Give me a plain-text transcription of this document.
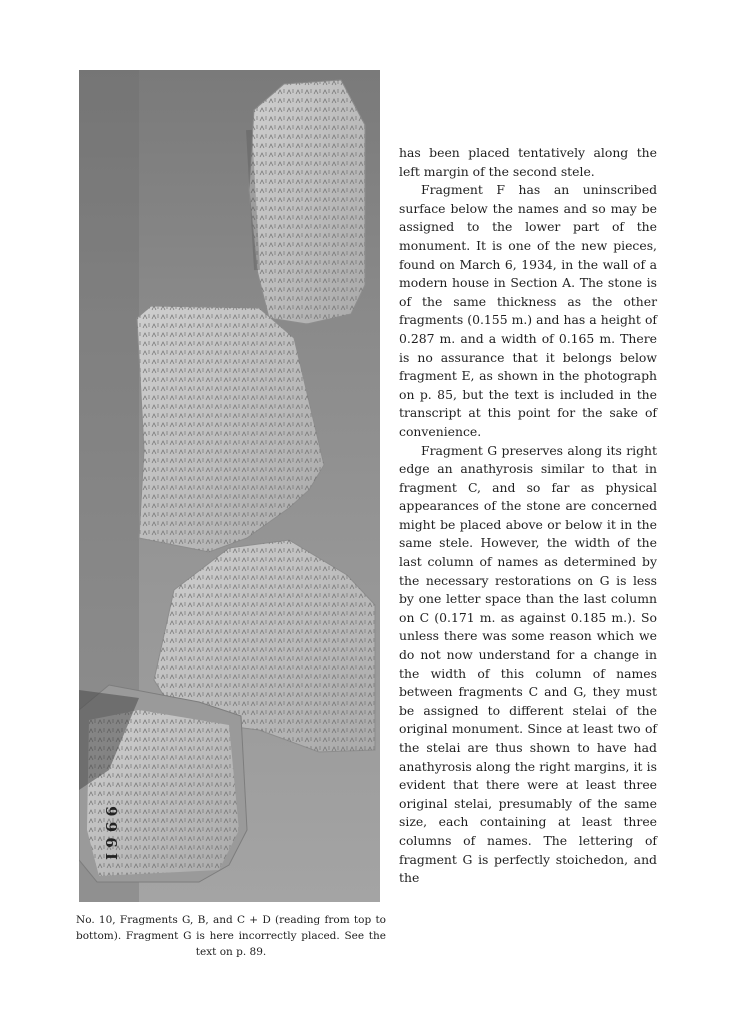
I 9 6 6
No. 10, Fragments G, B, and C + D (reading from top to bottom). Fragment G is here incorrectly placed. See the text on p. 89.

has been placed tentatively along the left margin of the second stele.

Fragment F has an uninscribed surface below the names and so may be assigned to the lower part of the monument. It is one of the new pieces, found on March 6, 1934, in the wall of a modern house in Section A. The stone is of the same thickness as the other fragments (0.155 m.) and has a height of 0.287 m. and a width of 0.165 m. There is no assurance that it belongs below fragment E, as shown in the photograph on p. 85, but the text is included in the transcript at this point for the sake of convenience.

Fragment G preserves along its right edge an anathyrosis similar to that in fragment C, and so far as physical appearances of the stone are concerned might be placed above or below it in the same stele. However, the width of the last column of names as determined by the necessary restorations on G is less by one letter space than the last column on C (0.171 m. as against 0.185 m.). So unless there was some reason which we do not now understand for a change in the width of this column of names between fragments C and G, they must be assigned to different stelai of the original monument. Since at least two of the stelai are thus shown to have had anathyrosis along the right margins, it is evident that there were at least three original stelai, presumably of the same size, each containing at least three columns of names. The lettering of fragment G is perfectly stoichedon, and the
